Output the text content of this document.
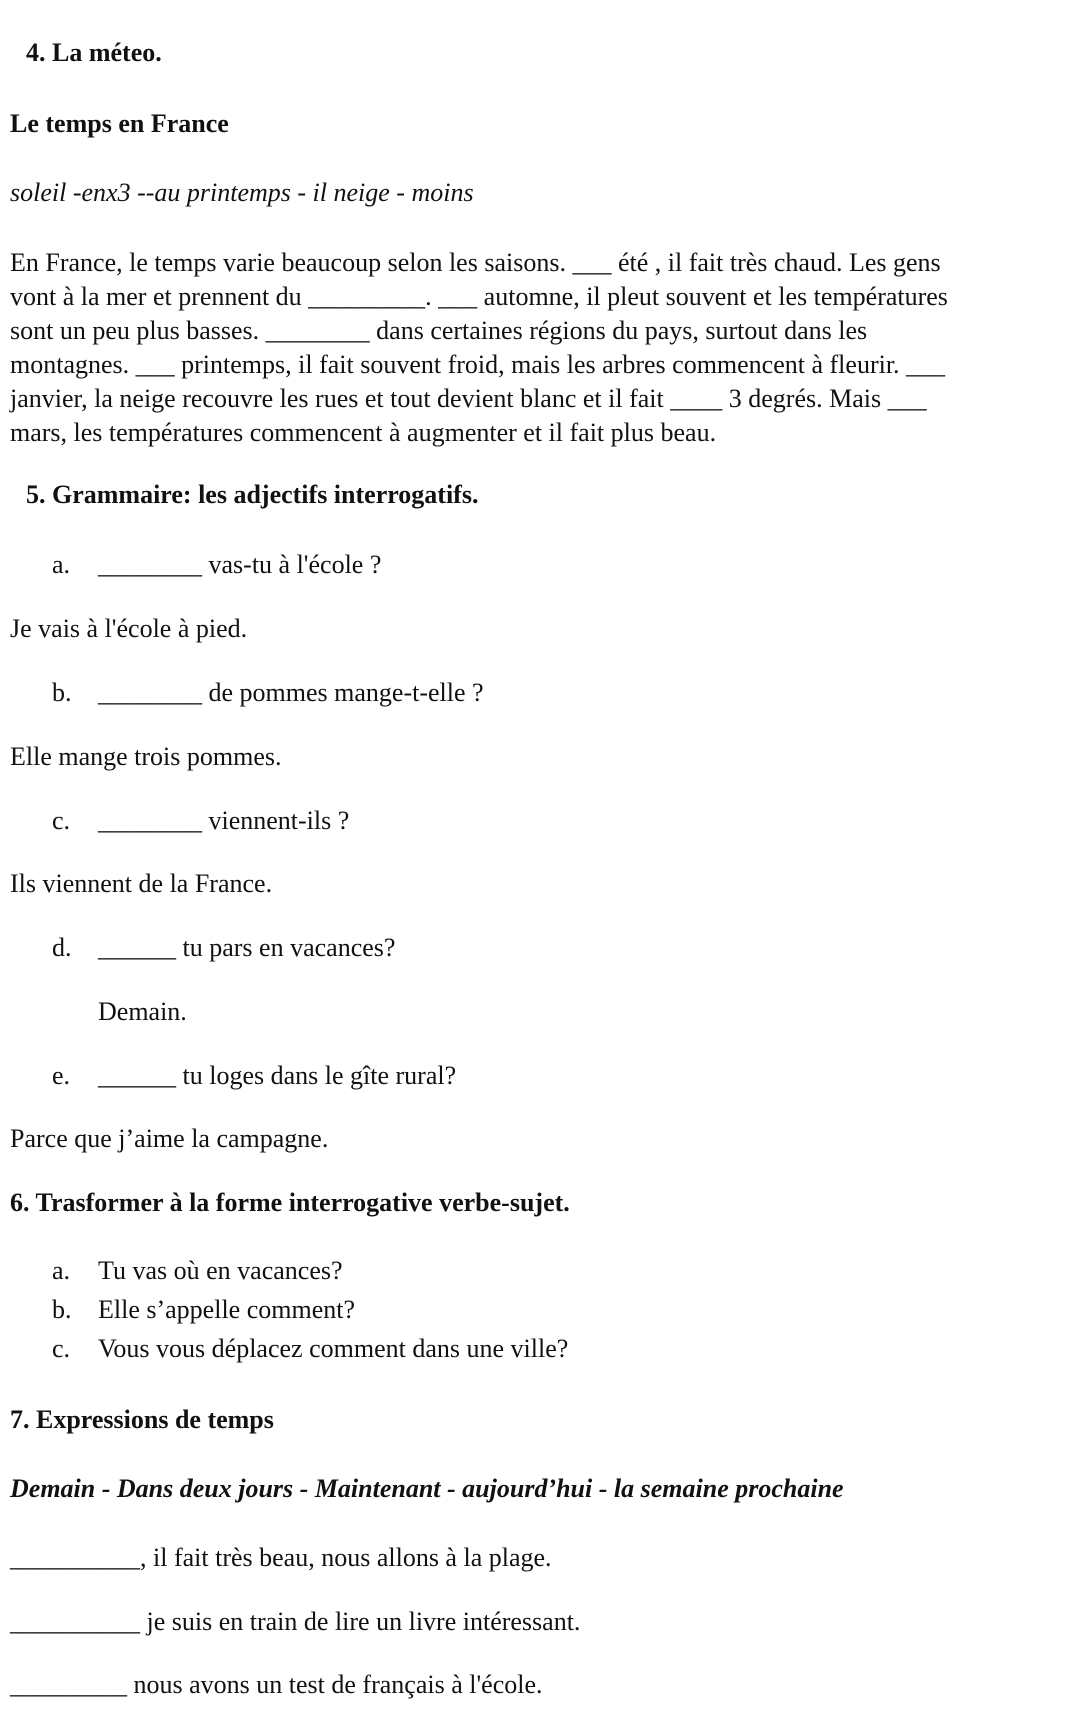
4. La méteo.
Le temps en France
soleil -enx3 --au printemps - il neige - moins
En France, le temps varie beaucoup selon les saisons. ___ été , il fait très chaud. Les gens
vont à la mer et prennent du _________. ___ automne, il pleut souvent et les températures
sont un peu plus basses. ________ dans certaines régions du pays, surtout dans les
montagnes. ___ printemps, il fait souvent froid, mais les arbres commencent à fleurir. ___
janvier, la neige recouvre les rues et tout devient blanc et il fait ____ 3 degrés. Mais ___
mars, les températures commencent à augmenter et il fait plus beau.
5. Grammaire: les adjectifs interrogatifs.
a. ________ vas-tu à l'école ?
Je vais à l'école à pied.
b. ________ de pommes mange-t-elle ?
Elle mange trois pommes.
c. ________ viennent-ils ?
Ils viennent de la France.
d. ______ tu pars en vacances?
Demain.
e. ______ tu loges dans le gîte rural?
Parce que j’aime la campagne.
6. Trasformer à la forme interrogative verbe-sujet.
a. Tu vas où en vacances?
b. Elle s’appelle comment?
c. Vous vous déplacez comment dans une ville?
7. Expressions de temps
Demain - Dans deux jours - Maintenant - aujourd’hui - la semaine prochaine
__________, il fait très beau, nous allons à la plage.
__________ je suis en train de lire un livre intéressant.
_________ nous avons un test de français à l'école.
